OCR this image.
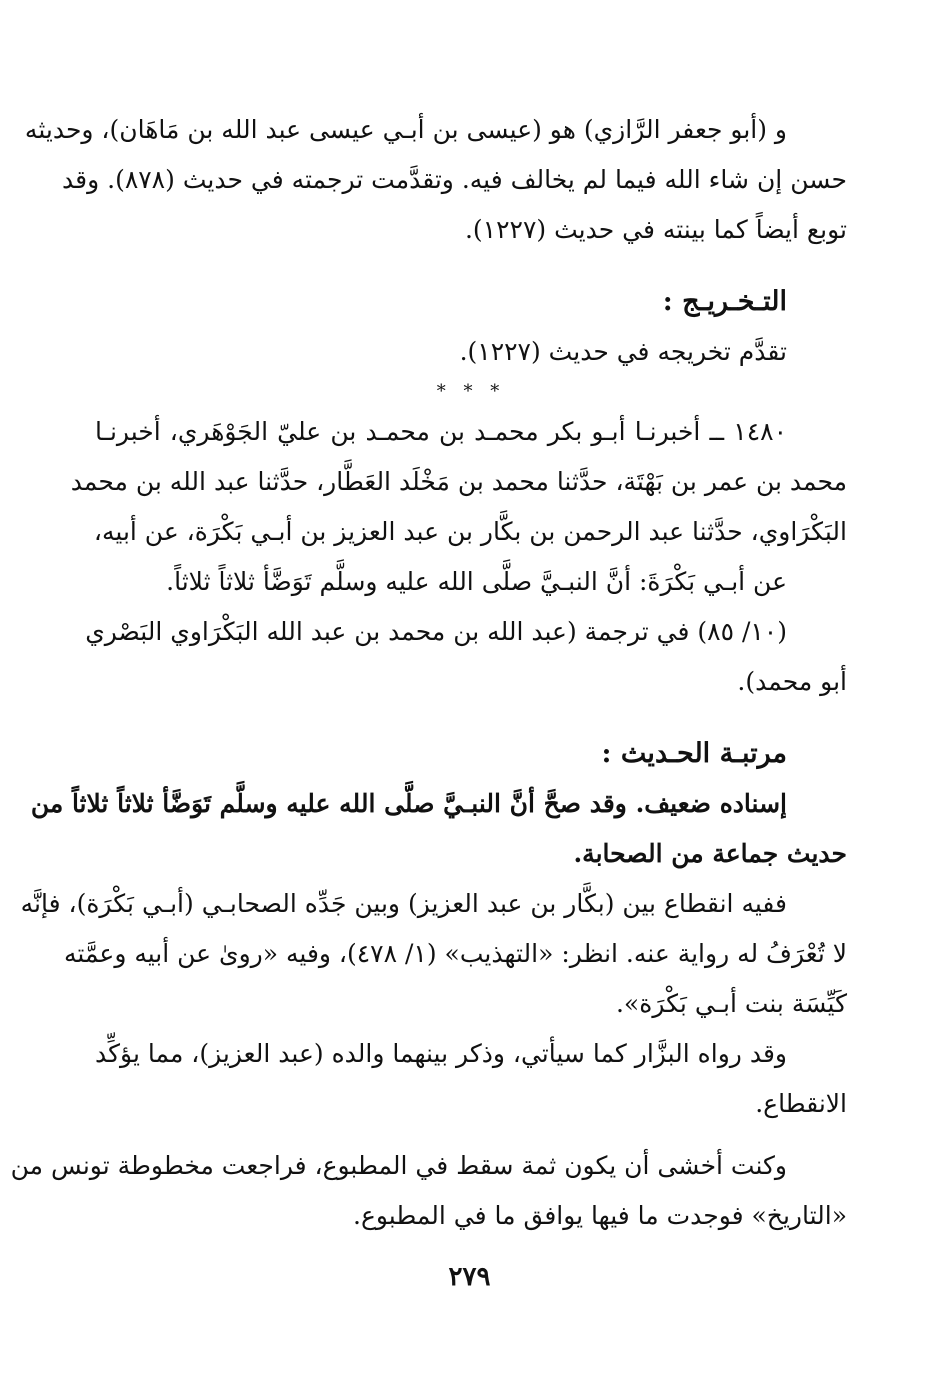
و (أبو جعفر الرَّازي) هو (عيسى بن أبـي عيسى عبد الله بن مَاهَان)، وحديثه
حسن إن شاء الله فيما لم يخالف فيه. وتقدَّمت ترجمته في حديث (٨٧٨). وقد
توبع أيضاً كما بينته في حديث (١٢٢٧).
التـخـريـج :
تقدَّم تخريجه في حديث (١٢٢٧).
* * *
١٤٨٠ ــ أخبرنـا أبـو بكر محمـد بن محمـد بن عليّ الجَوْهَري، أخبرنـا
محمد بن عمر بن بَهْتَة، حدَّثنا محمد بن مَخْلَد العَطَّار، حدَّثنا عبد الله بن محمد
البَكْرَاوي، حدَّثنا عبد الرحمن بن بكَّار بن عبد العزيز بن أبـي بَكْرَة، عن أبيه،
عن أبـي بَكْرَةَ: أنَّ النبـيَّ صلَّى الله عليه وسلَّم تَوَضَّأ ثلاثاً ثلاثاً.
(١٠/ ٨٥) في ترجمة (عبد الله بن محمد بن عبد الله البَكْرَاوي البَصْري
أبو محمد).
مرتبـة الحـديث :
إسناده ضعيف. وقد صحَّ أنَّ النبـيَّ صلَّى الله عليه وسلَّم تَوَضَّأ ثلاثاً ثلاثاً من
حديث جماعة من الصحابة.
ففيه انقطاع بين (بكَّار بن عبد العزيز) وبين جَدِّه الصحابـي (أبـي بَكْرَة)، فإنَّه
لا تُعْرَفُ له رواية عنه. انظر: «التهذيب» (١/ ٤٧٨)، وفيه «روىٰ عن أبيه وعمَّته
كَيِّسَة بنت أبـي بَكْرَة».
وقد رواه البزَّار كما سيأتي، وذكر بينهما والده (عبد العزيز)، مما يؤكِّد
الانقطاع.
وكنت أخشى أن يكون ثمة سقط في المطبوع، فراجعت مخطوطة تونس من
«التاريخ» فوجدت ما فيها يوافق ما في المطبوع.
٢٧٩
